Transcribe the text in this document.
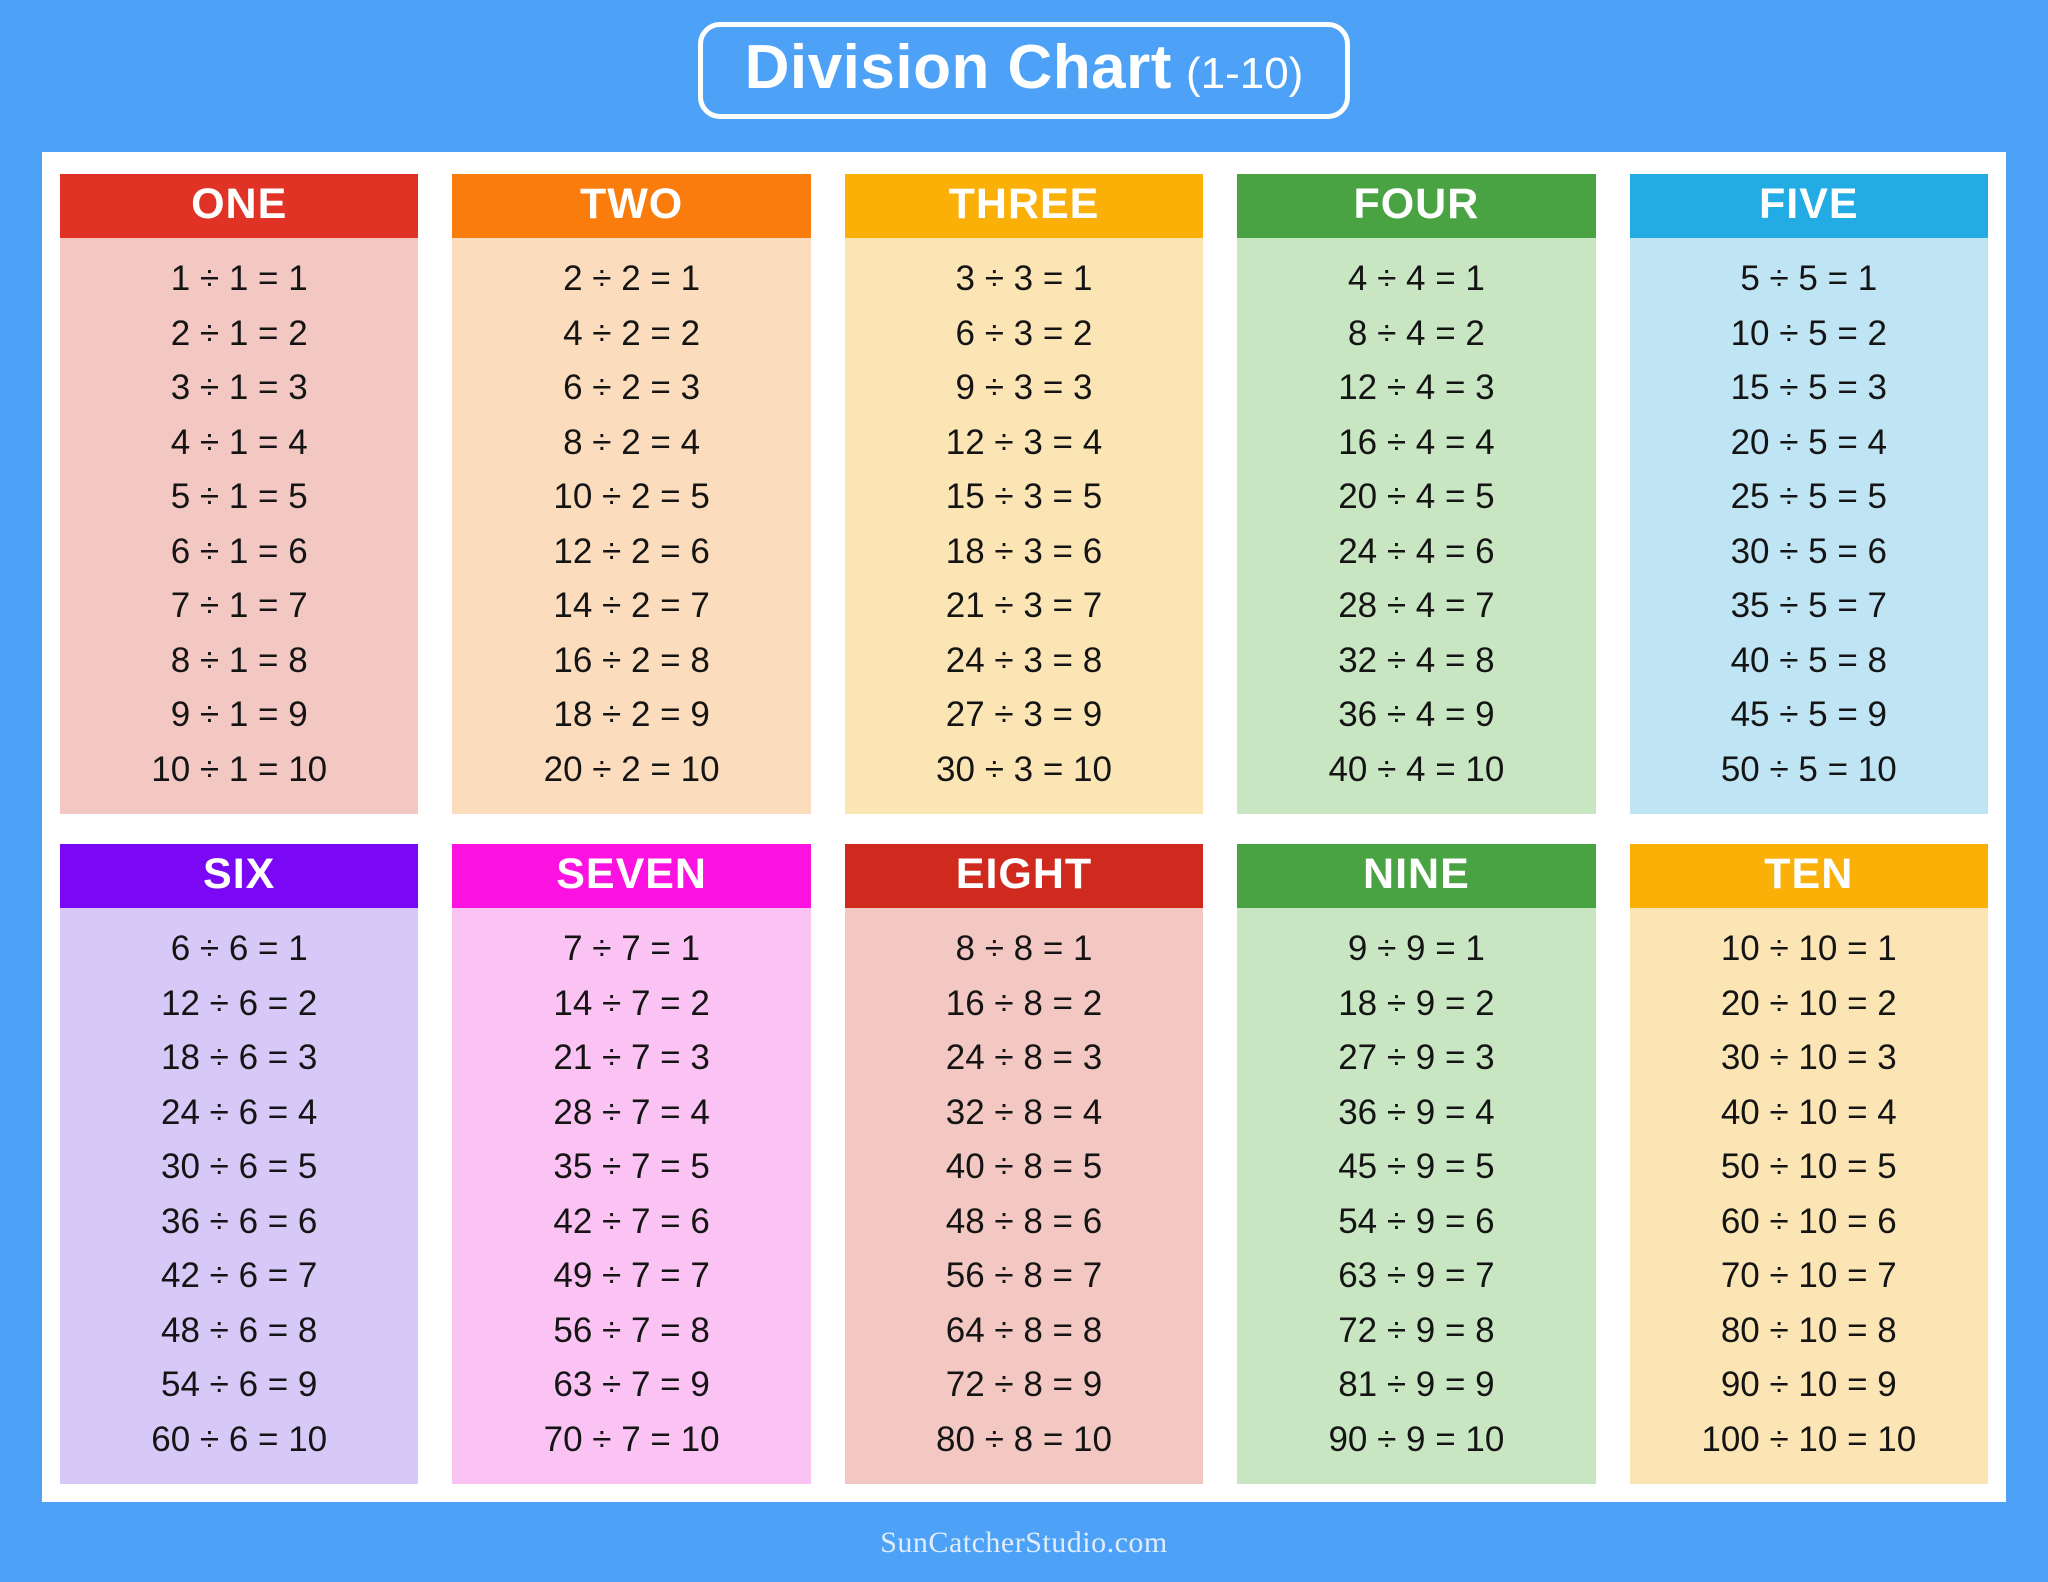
Division Chart (1-10)
ONE
1 ÷ 1 = 1
2 ÷ 1 = 2
3 ÷ 1 = 3
4 ÷ 1 = 4
5 ÷ 1 = 5
6 ÷ 1 = 6
7 ÷ 1 = 7
8 ÷ 1 = 8
9 ÷ 1 = 9
10 ÷ 1 = 10
TWO
2 ÷ 2 = 1
4 ÷ 2 = 2
6 ÷ 2 = 3
8 ÷ 2 = 4
10 ÷ 2 = 5
12 ÷ 2 = 6
14 ÷ 2 = 7
16 ÷ 2 = 8
18 ÷ 2 = 9
20 ÷ 2 = 10
THREE
3 ÷ 3 = 1
6 ÷ 3 = 2
9 ÷ 3 = 3
12 ÷ 3 = 4
15 ÷ 3 = 5
18 ÷ 3 = 6
21 ÷ 3 = 7
24 ÷ 3 = 8
27 ÷ 3 = 9
30 ÷ 3 = 10
FOUR
4 ÷ 4 = 1
8 ÷ 4 = 2
12 ÷ 4 = 3
16 ÷ 4 = 4
20 ÷ 4 = 5
24 ÷ 4 = 6
28 ÷ 4 = 7
32 ÷ 4 = 8
36 ÷ 4 = 9
40 ÷ 4 = 10
FIVE
5 ÷ 5 = 1
10 ÷ 5 = 2
15 ÷ 5 = 3
20 ÷ 5 = 4
25 ÷ 5 = 5
30 ÷ 5 = 6
35 ÷ 5 = 7
40 ÷ 5 = 8
45 ÷ 5 = 9
50 ÷ 5 = 10
SIX
6 ÷ 6 = 1
12 ÷ 6 = 2
18 ÷ 6 = 3
24 ÷ 6 = 4
30 ÷ 6 = 5
36 ÷ 6 = 6
42 ÷ 6 = 7
48 ÷ 6 = 8
54 ÷ 6 = 9
60 ÷ 6 = 10
SEVEN
7 ÷ 7 = 1
14 ÷ 7 = 2
21 ÷ 7 = 3
28 ÷ 7 = 4
35 ÷ 7 = 5
42 ÷ 7 = 6
49 ÷ 7 = 7
56 ÷ 7 = 8
63 ÷ 7 = 9
70 ÷ 7 = 10
EIGHT
8 ÷ 8 = 1
16 ÷ 8 = 2
24 ÷ 8 = 3
32 ÷ 8 = 4
40 ÷ 8 = 5
48 ÷ 8 = 6
56 ÷ 8 = 7
64 ÷ 8 = 8
72 ÷ 8 = 9
80 ÷ 8 = 10
NINE
9 ÷ 9 = 1
18 ÷ 9 = 2
27 ÷ 9 = 3
36 ÷ 9 = 4
45 ÷ 9 = 5
54 ÷ 9 = 6
63 ÷ 9 = 7
72 ÷ 9 = 8
81 ÷ 9 = 9
90 ÷ 9 = 10
TEN
10 ÷ 10 = 1
20 ÷ 10 = 2
30 ÷ 10 = 3
40 ÷ 10 = 4
50 ÷ 10 = 5
60 ÷ 10 = 6
70 ÷ 10 = 7
80 ÷ 10 = 8
90 ÷ 10 = 9
100 ÷ 10 = 10
SunCatcherStudio.com
